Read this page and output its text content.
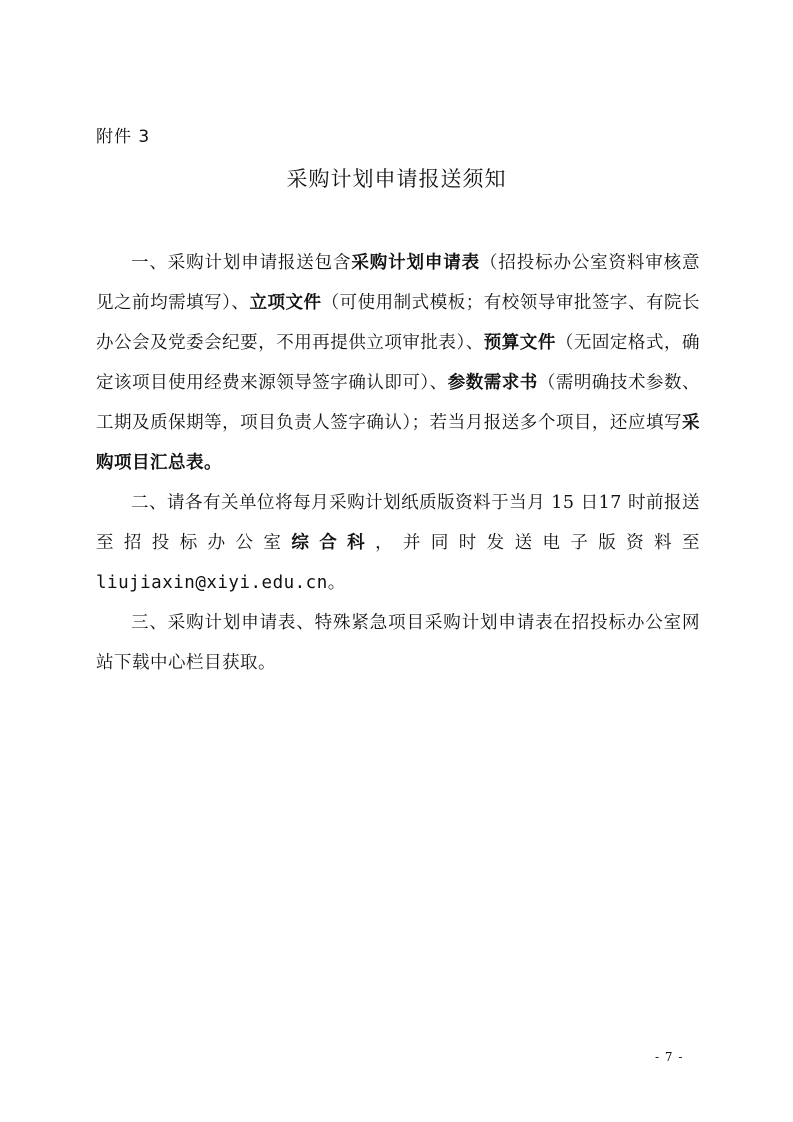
附件 3
采购计划申请报送须知

一、采购计划申请报送包含采购计划申请表（招投标办公室资料审核意见之前均需填写）、立项文件（可使用制式模板；有校领导审批签字、有院长办公会及党委会纪要，不用再提供立项审批表）、预算文件（无固定格式，确定该项目使用经费来源领导签字确认即可）、参数需求书（需明确技术参数、工期及质保期等，项目负责人签字确认）；若当月报送多个项目，还应填写采购项目汇总表。

二、请各有关单位将每月采购计划纸质版资料于当月 15 日17 时前报送至招投标办公室综合科，并同时发送电子版资料至liujiaxin@xiyi.edu.cn。

三、采购计划申请表、特殊紧急项目采购计划申请表在招投标办公室网站下载中心栏目获取。

- 7 -
